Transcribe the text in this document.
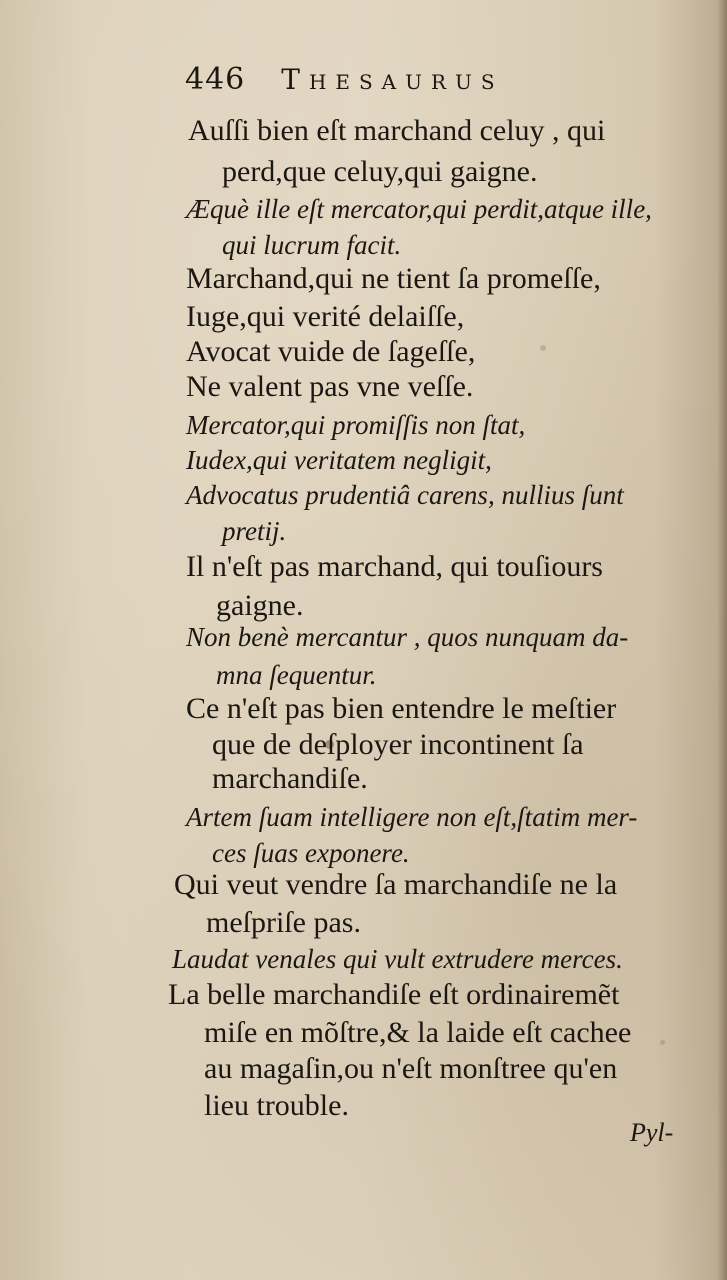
446 Thesaurus
Auſſi bien eſt marchand celuy , qui
perd,que celuy,qui gaigne.
Æquè ille eſt mercator,qui perdit,atque ille,
qui lucrum facit.
Marchand,qui ne tient ſa promeſſe,
Iuge,qui verité delaiſſe,
Avocat vuide de ſageſſe,
Ne valent pas vne veſſe.
Mercator,qui promiſſis non ſtat,
Iudex,qui veritatem negligit,
Advocatus prudentiâ carens, nullius ſunt
pretij.
Il n'eſt pas marchand, qui touſiours
gaigne.
Non benè mercantur , quos nunquam da-
mna ſequentur.
Ce n'eſt pas bien entendre le meſtier
que de deſployer incontinent ſa
marchandiſe.
Artem ſuam intelligere non eſt,ſtatim mer-
ces ſuas exponere.
Qui veut vendre ſa marchandiſe ne la
meſpriſe pas.
Laudat venales qui vult extrudere merces.
La belle marchandiſe eſt ordinairemẽt
miſe en mõſtre,& la laide eſt cachee
au magaſin,ou n'eſt monſtree qu'en
lieu trouble.
Pyl-
